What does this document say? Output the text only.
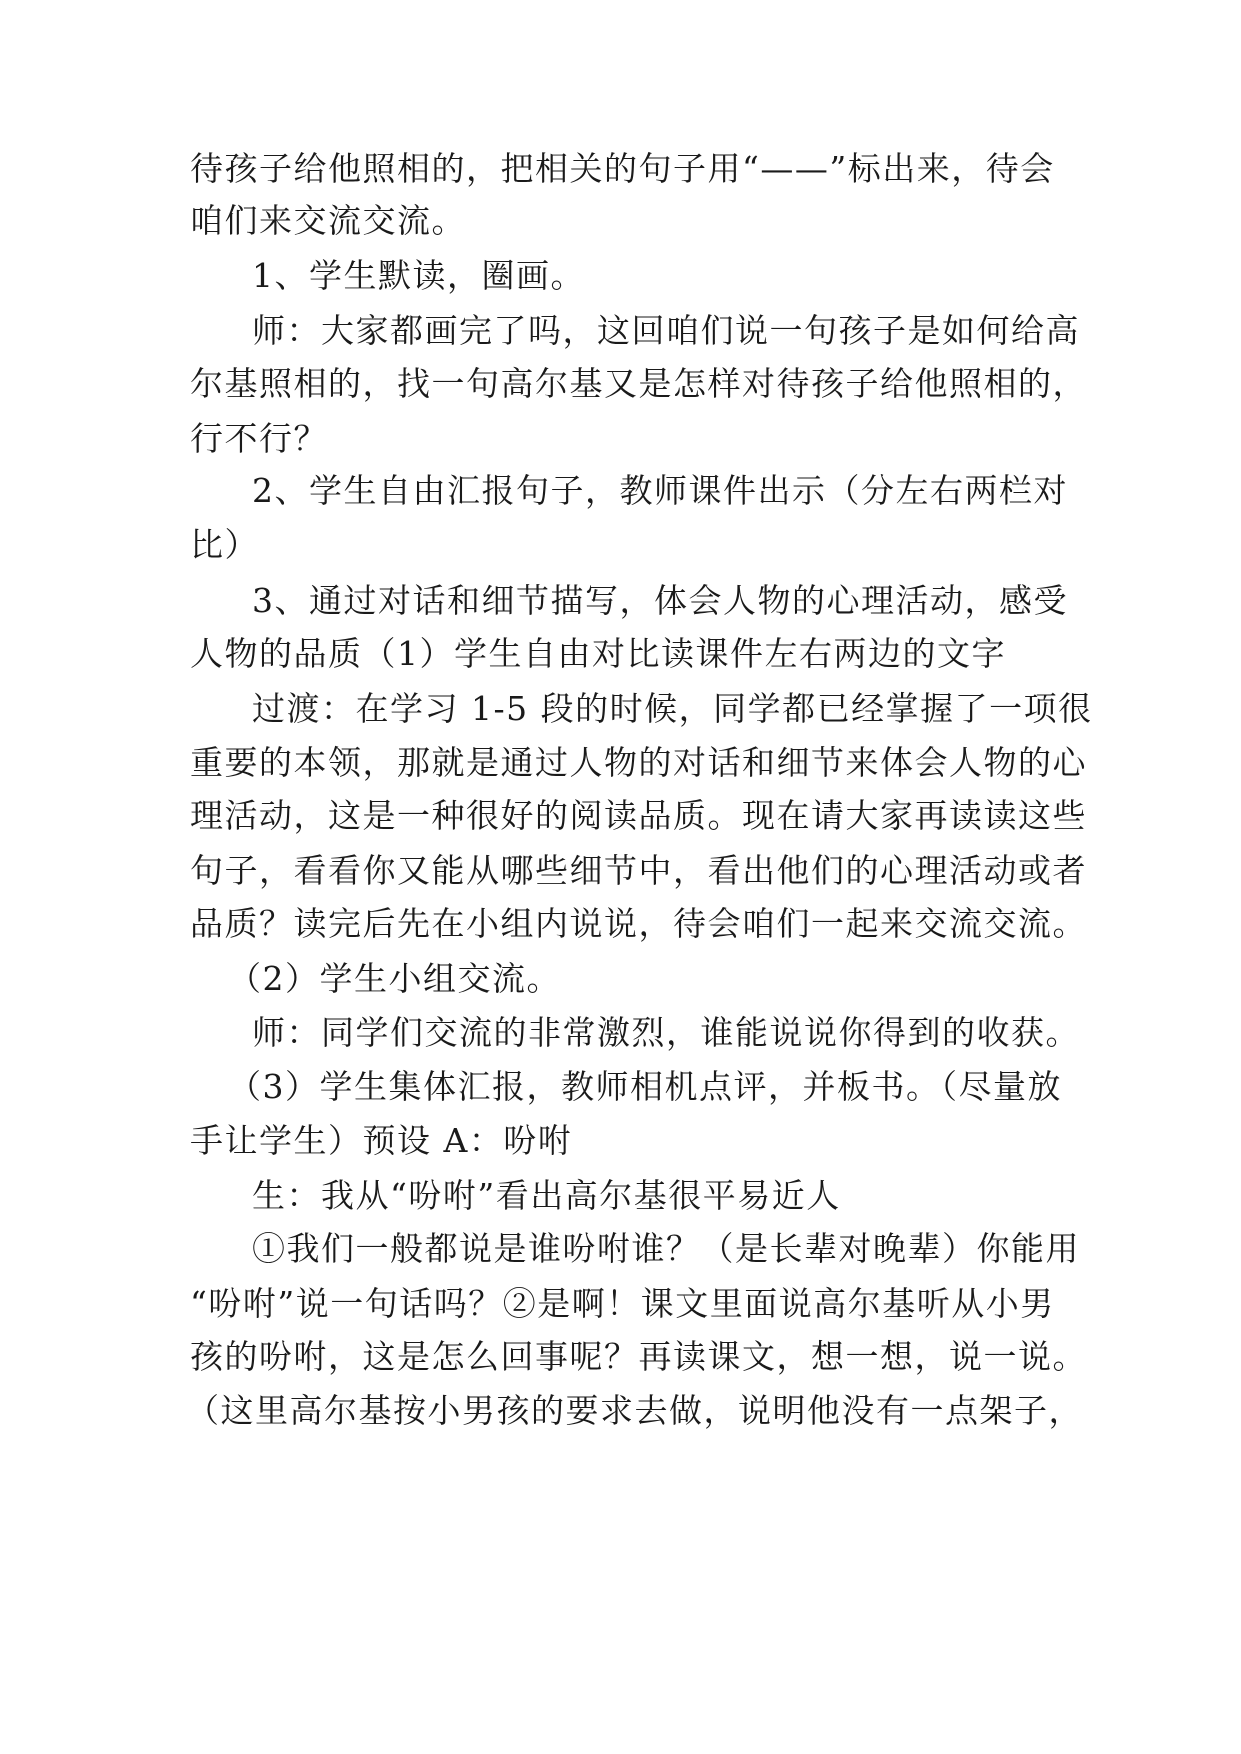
待孩子给他照相的，把相关的句子用“——”标出来，待会
咱们来交流交流。
1、学生默读，圈画。
师：大家都画完了吗，这回咱们说一句孩子是如何给高
尔基照相的，找一句高尔基又是怎样对待孩子给他照相的，
行不行？
2、学生自由汇报句子，教师课件出示（分左右两栏对
比）
3、通过对话和细节描写，体会人物的心理活动，感受
人物的品质（1）学生自由对比读课件左右两边的文字
过渡：在学习 1-5 段的时候，同学都已经掌握了一项很
重要的本领，那就是通过人物的对话和细节来体会人物的心
理活动，这是一种很好的阅读品质。现在请大家再读读这些
句子，看看你又能从哪些细节中，看出他们的心理活动或者
品质？读完后先在小组内说说，待会咱们一起来交流交流。
（2）学生小组交流。
师：同学们交流的非常激烈，谁能说说你得到的收获。
（3）学生集体汇报，教师相机点评，并板书。（尽量放
手让学生）预设 A：吩咐
生：我从“吩咐”看出高尔基很平易近人
①我们一般都说是谁吩咐谁？（是长辈对晚辈）你能用
“吩咐”说一句话吗？②是啊！课文里面说高尔基听从小男
孩的吩咐，这是怎么回事呢？再读课文，想一想，说一说。
（这里高尔基按小男孩的要求去做，说明他没有一点架子，
